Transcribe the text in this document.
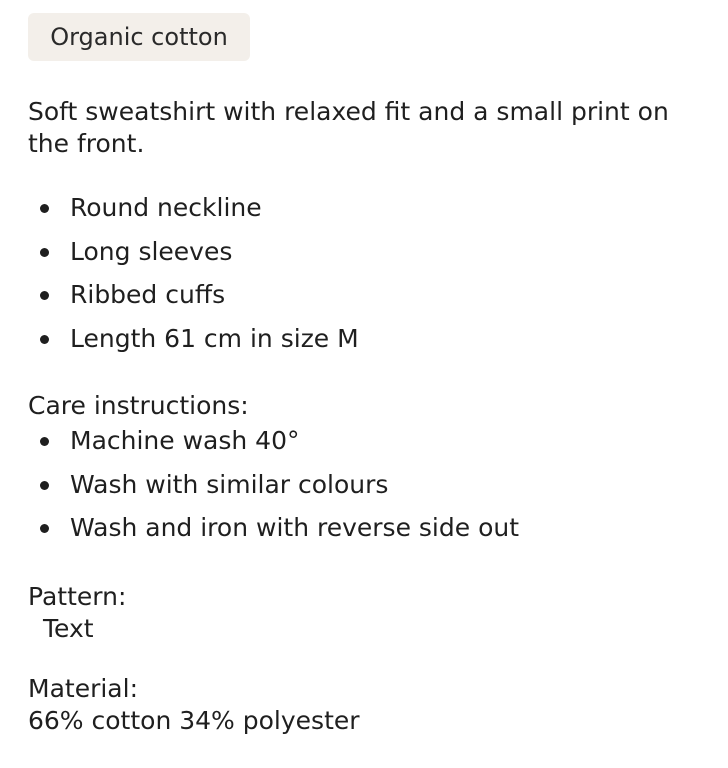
Organic cotton
Soft sweatshirt with relaxed fit and a small print on the front.
Round neckline
Long sleeves
Ribbed cuffs
Length 61 cm in size M
Care instructions:
Machine wash 40°
Wash with similar colours
Wash and iron with reverse side out
Pattern:
Text
Material:
66% cotton 34% polyester
